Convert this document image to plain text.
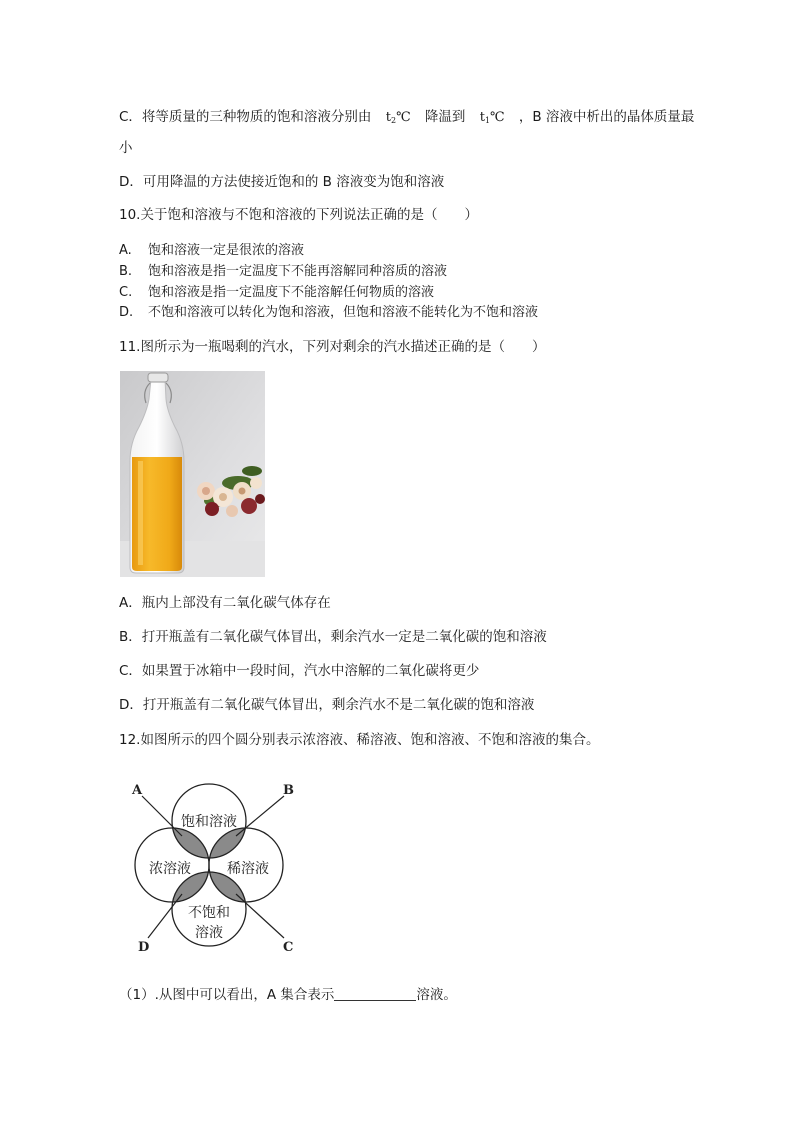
C．将等质量的三种物质的饱和溶液分别由 $t_2℃$ 降温到 $t_1℃$ ，B 溶液中析出的晶体质量最
小
D．可用降温的方法使接近饱和的 B 溶液变为饱和溶液
10.关于饱和溶液与不饱和溶液的下列说法正确的是（　　）
A. 饱和溶液一定是很浓的溶液
B. 饱和溶液是指一定温度下不能再溶解同种溶质的溶液
C. 饱和溶液是指一定温度下不能溶解任何物质的溶液
D. 不饱和溶液可以转化为饱和溶液，但饱和溶液不能转化为不饱和溶液
11.图所示为一瓶喝剩的汽水，下列对剩余的汽水描述正确的是（　　）
A．瓶内上部没有二氧化碳气体存在
B．打开瓶盖有二氧化碳气体冒出，剩余汽水一定是二氧化碳的饱和溶液
C．如果置于冰箱中一段时间，汽水中溶解的二氧化碳将更少
D．打开瓶盖有二氧化碳气体冒出，剩余汽水不是二氧化碳的饱和溶液
12.如图所示的四个圆分别表示浓溶液、稀溶液、饱和溶液、不饱和溶液的集合。
A	B
C
D
饱和溶液
浓溶液	稀溶液
不饱和
溶液
（1）.从图中可以看出，A 集合表示	溶液。
